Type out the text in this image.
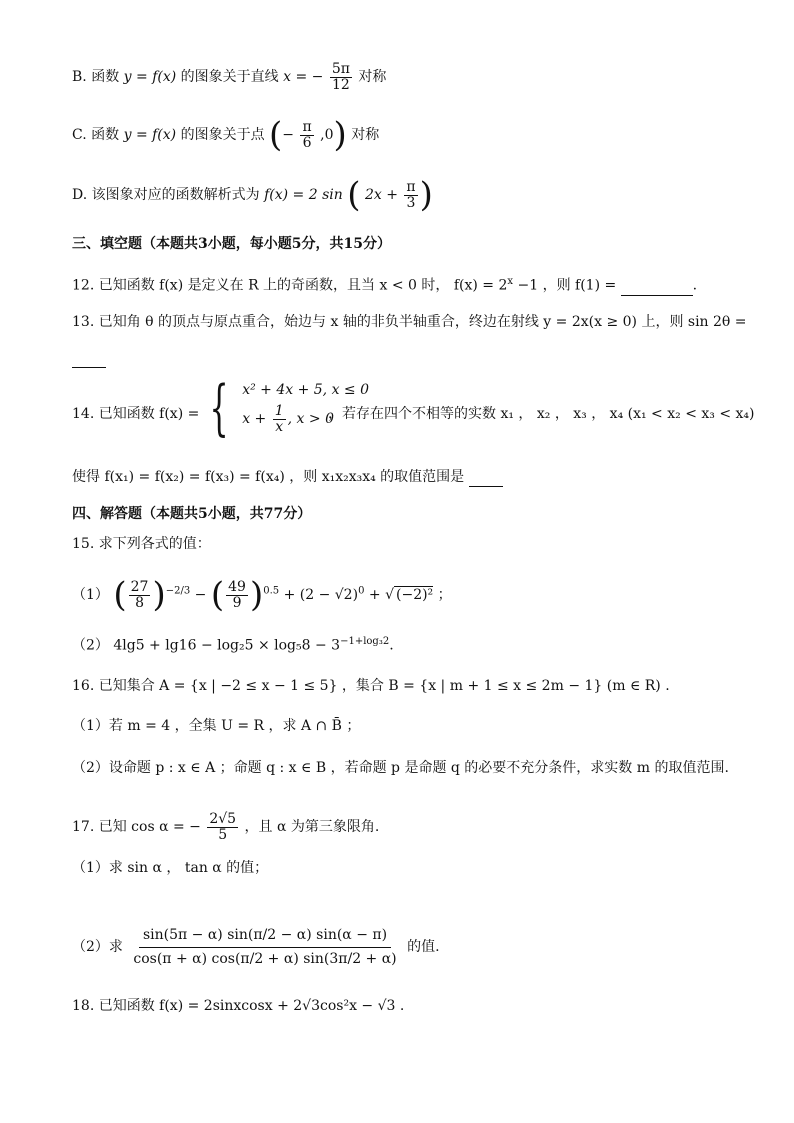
B. 函数 y = f(x) 的图象关于直线 x = − $\frac{5\pi}{12}$ 对称
C. 函数 y = f(x) 的图象关于点 (− $\frac{\pi}{6} ,0$) 对称
D. 该图象对应的函数解析式为 f(x) = 2 sin ( $2x + \frac{\pi}{3}$ )
三、填空题（本题共3小题，每小题5分，共15分）
12. 已知函数 f(x) 是定义在 R 上的奇函数，且当 x < 0 时， $f(x) = 2^x -1$ ，则 f(1) =	.
13. 已知角 θ 的顶点与原点重合，始边与 x 轴的非负半轴重合，终边在射线 y = 2x(x ≥ 0) 上，则 sin 2θ =
14. 已知函数 f(x) = { x² + 4x + 5, x ≤ 0
$x + \frac{1}{x}$ , x > 0
，若存在四个不相等的实数 x₁ ， x₂ ， x₃ ， x₄ (x₁ < x₂ < x₃ < x₄)
使得 f(x₁) = f(x₂) = f(x₃) = f(x₄) ，则 x₁x₂x₃x₄ 的取值范围是
四、解答题（本题共5小题，共77分）
15. 求下列各式的值：
（1） ( $\frac{27}{8} )^{-2/3}$ − ( $\frac{49}{9} )^{0.5} + (2 - √2)^0$ + √ (−2)² ；
（2） $4\lg 5 + \lg 16 - \log_25 \times \log_58 - 3^{-1+log_32}$.
16. 已知集合 A = {x | −2 ≤ x − 1 ≤ 5} ，集合 B = {x | m + 1 ≤ x ≤ 2m − 1} (m ∈ R) .
（1）若 m = 4 ，全集 U = R ，求 A ∩ B̄ ；
（2）设命题 p : x ∈ A ；命题 q : x ∈ B ，若命题 p 是命题 q 的必要不充分条件，求实数 m 的取值范围.
17. 已知 cos α = − $\frac{2√5}{5}$ ，且 α 为第三象限角.
（1）求 sin α ， tan α 的值；
（2）求 $\frac{\sin(5\pi - \alpha) \sin(\pi/2 - \alpha) \sin(\alpha - \pi)}{\cos(\pi + \alpha) \cos(\pi/2 + \alpha) \sin(3\pi/2 + \alpha)}$ 的值.
18. 已知函数 f(x) = 2sinxcosx + 2√3cos²x − √3 .
